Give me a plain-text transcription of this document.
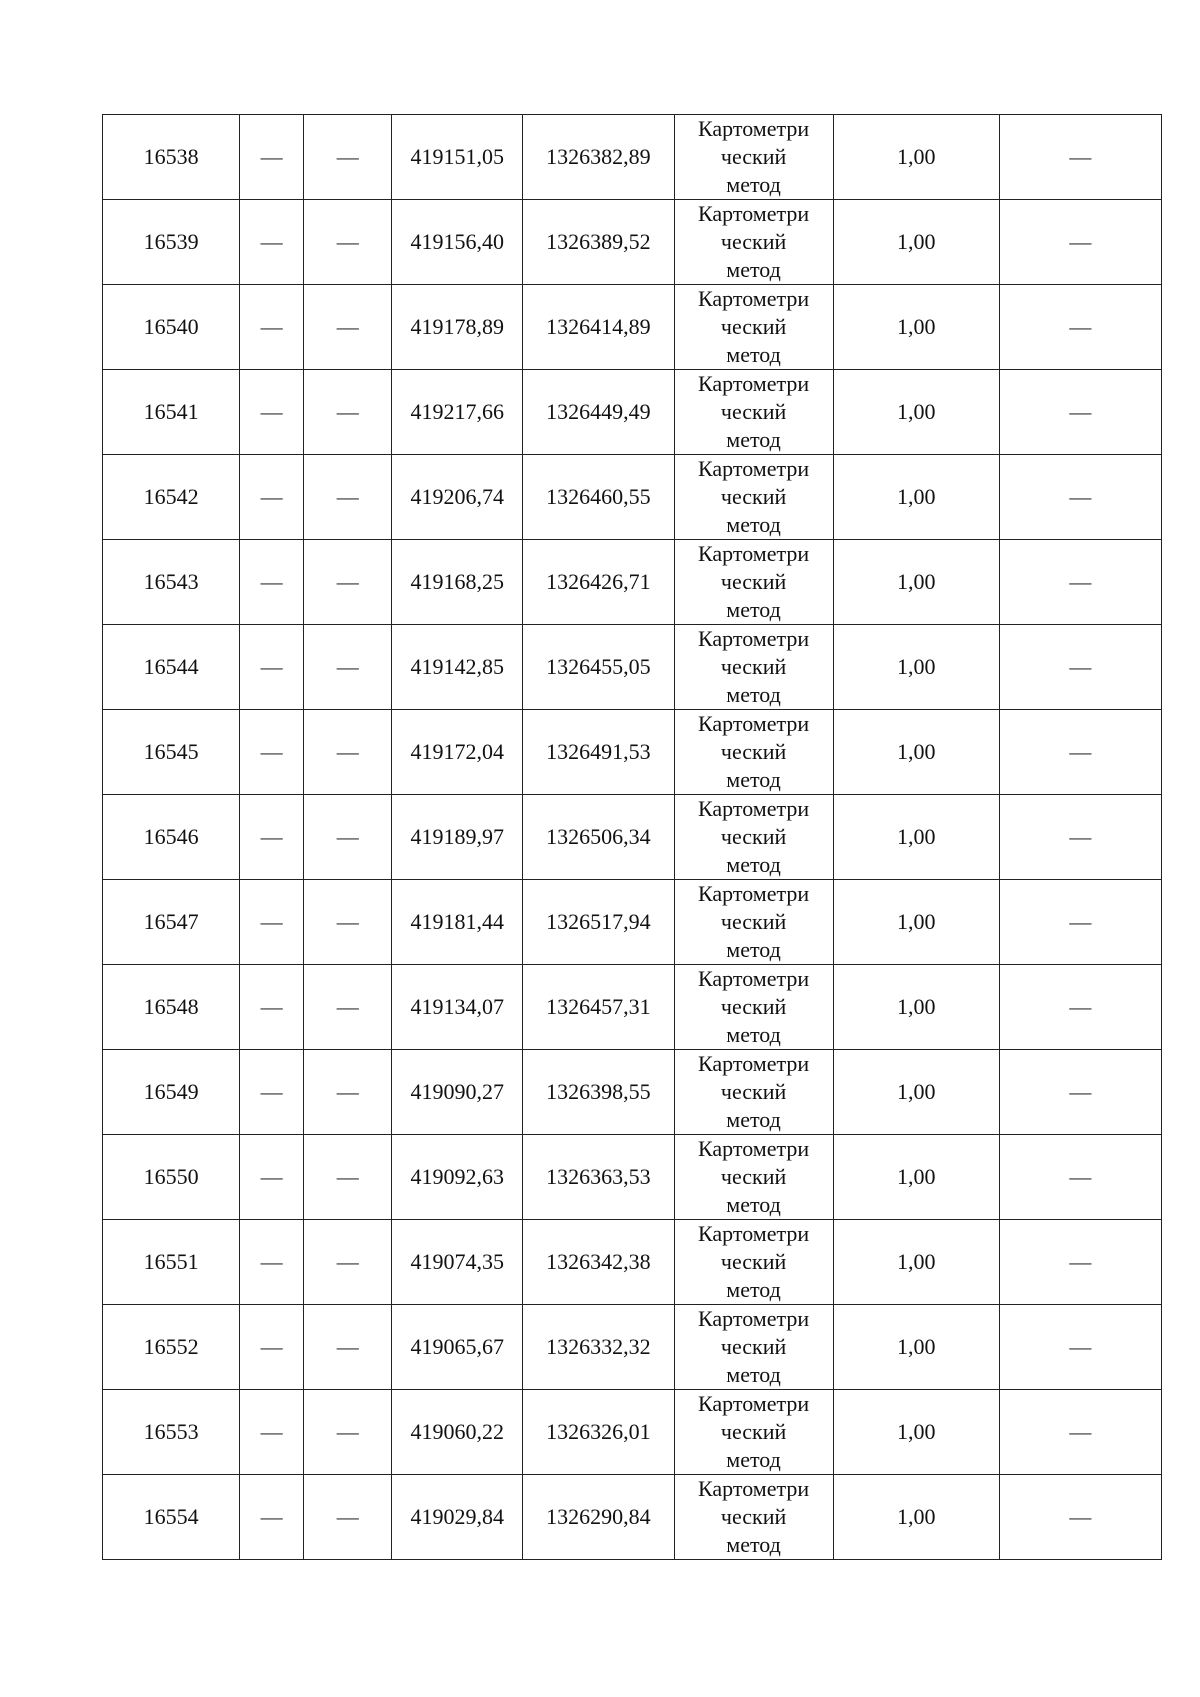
16538	—	—	419151,05	1326382,89	Картометри
ческий
метод	1,00	—
16539	—	—	419156,40	1326389,52	Картометри
ческий
метод	1,00	—
16540	—	—	419178,89	1326414,89	Картометри
ческий
метод	1,00	—
16541	—	—	419217,66	1326449,49	Картометри
ческий
метод	1,00	—
16542	—	—	419206,74	1326460,55	Картометри
ческий
метод	1,00	—
16543	—	—	419168,25	1326426,71	Картометри
ческий
метод	1,00	—
16544	—	—	419142,85	1326455,05	Картометри
ческий
метод	1,00	—
16545	—	—	419172,04	1326491,53	Картометри
ческий
метод	1,00	—
16546	—	—	419189,97	1326506,34	Картометри
ческий
метод	1,00	—
16547	—	—	419181,44	1326517,94	Картометри
ческий
метод	1,00	—
16548	—	—	419134,07	1326457,31	Картометри
ческий
метод	1,00	—
16549	—	—	419090,27	1326398,55	Картометри
ческий
метод	1,00	—
16550	—	—	419092,63	1326363,53	Картометри
ческий
метод	1,00	—
16551	—	—	419074,35	1326342,38	Картометри
ческий
метод	1,00	—
16552	—	—	419065,67	1326332,32	Картометри
ческий
метод	1,00	—
16553	—	—	419060,22	1326326,01	Картометри
ческий
метод	1,00	—
16554	—	—	419029,84	1326290,84	Картометри
ческий
метод	1,00	—
